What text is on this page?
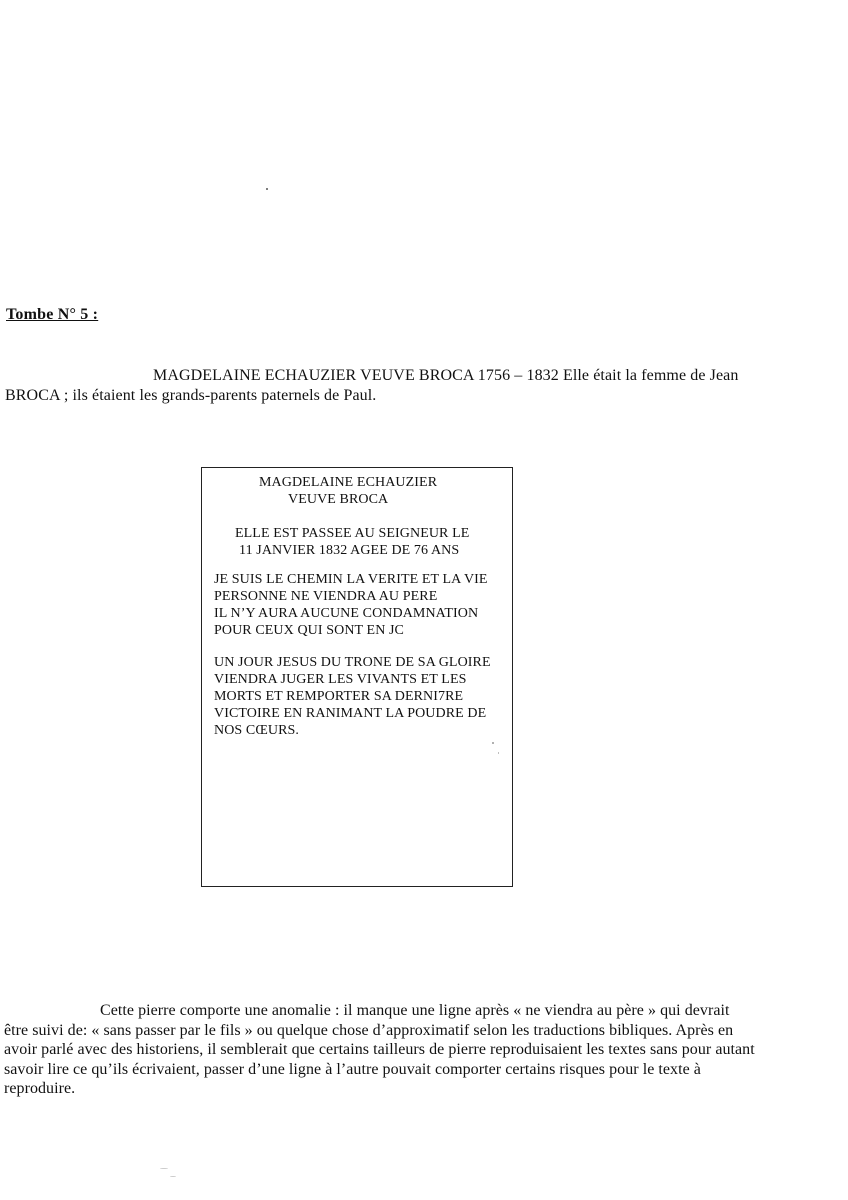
Tombe N° 5 :
MAGDELAINE ECHAUZIER VEUVE BROCA 1756 – 1832 Elle était la femme de Jean
BROCA ; ils étaient les grands-parents paternels de Paul.
MAGDELAINE ECHAUZIER
VEUVE BROCA
ELLE EST PASSEE AU SEIGNEUR LE
11 JANVIER 1832 AGEE DE 76 ANS
JE SUIS LE CHEMIN LA VERITE ET LA VIE
PERSONNE NE VIENDRA AU PERE
IL N’Y AURA AUCUNE CONDAMNATION
POUR CEUX QUI SONT EN JC
UN JOUR JESUS DU TRONE DE SA GLOIRE
VIENDRA JUGER LES VIVANTS ET LES
MORTS ET REMPORTER SA DERNI7RE
VICTOIRE EN RANIMANT LA POUDRE DE
NOS CŒURS.
Cette pierre comporte une anomalie : il manque une ligne après « ne viendra au père » qui devrait
être suivi de: « sans passer par le fils » ou quelque chose d’approximatif selon les traductions bibliques. Après en
avoir parlé avec des historiens, il semblerait que certains tailleurs de pierre reproduisaient les textes sans pour autant
savoir lire ce qu’ils écrivaient, passer d’une ligne à l’autre pouvait comporter certains risques pour le texte à
reproduire.
